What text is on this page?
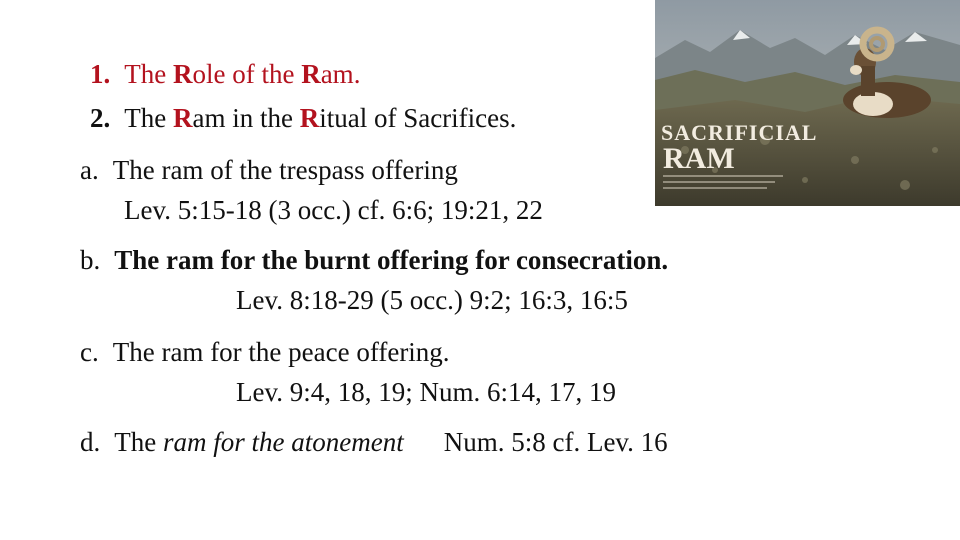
1. The Role of the Ram.
2. The Ram in the Ritual of Sacrifices.
a. The ram of the trespass offering
Lev. 5:15-18 (3 occ.) cf. 6:6; 19:21, 22
b. The ram for the burnt offering for consecration.
Lev. 8:18-29 (5 occ.) 9:2; 16:3, 16:5
c. The ram for the peace offering.
Lev. 9:4, 18, 19; Num. 6:14, 17, 19
d. The ram for the atonement Num. 5:8 cf. Lev. 16
SACRIFICIAL
RAM
